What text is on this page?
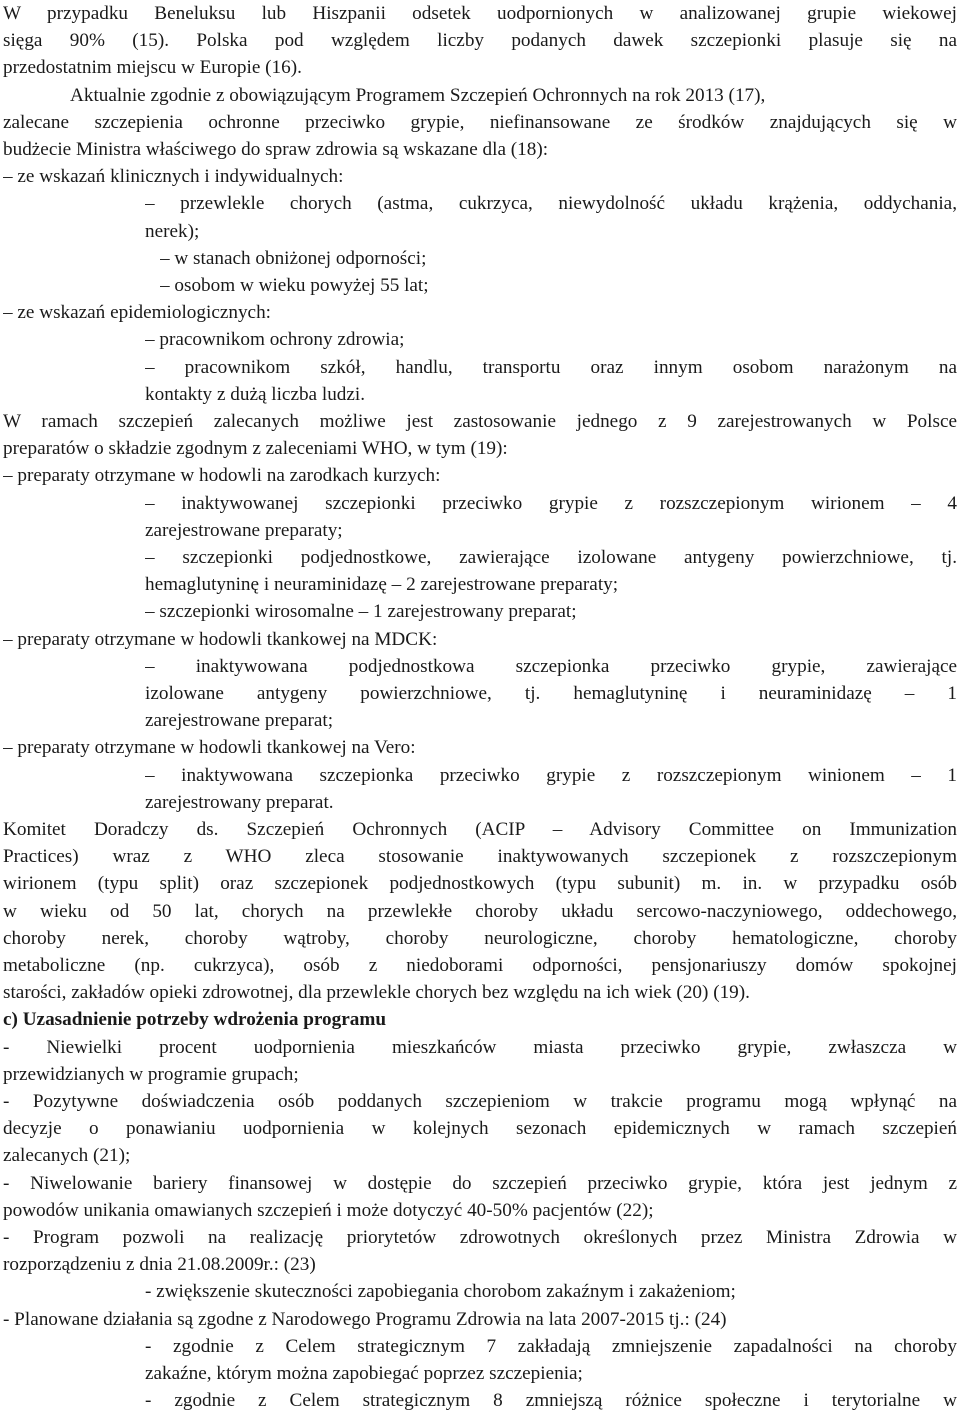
W przypadku Beneluksu lub Hiszpanii odsetek uodpornionych w analizowanej grupie wiekowej
sięga 90% (15). Polska pod względem liczby podanych dawek szczepionki plasuje się na
przedostatnim miejscu w Europie (16).
Aktualnie zgodnie z obowiązującym Programem Szczepień Ochronnych na rok 2013 (17),
zalecane szczepienia ochronne przeciwko grypie, niefinansowane ze środków znajdujących się w
budżecie Ministra właściwego do spraw zdrowia są wskazane dla (18):
– ze wskazań klinicznych i indywidualnych:
– przewlekle chorych (astma, cukrzyca, niewydolność układu krążenia, oddychania,
nerek);
– w stanach obniżonej odporności;
– osobom w wieku powyżej 55 lat;
– ze wskazań epidemiologicznych:
– pracownikom ochrony zdrowia;
– pracownikom szkół, handlu, transportu oraz innym osobom narażonym na
kontakty z dużą liczba ludzi.
W ramach szczepień zalecanych możliwe jest zastosowanie jednego z 9 zarejestrowanych w Polsce
preparatów o składzie zgodnym z zaleceniami WHO, w tym (19):
– preparaty otrzymane w hodowli na zarodkach kurzych:
– inaktywowanej szczepionki przeciwko grypie z rozszczepionym wirionem – 4
zarejestrowane preparaty;
– szczepionki podjednostkowe, zawierające izolowane antygeny powierzchniowe, tj.
hemaglutyninę i neuraminidazę – 2 zarejestrowane preparaty;
– szczepionki wirosomalne – 1 zarejestrowany preparat;
– preparaty otrzymane w hodowli tkankowej na MDCK:
– inaktywowana podjednostkowa szczepionka przeciwko grypie, zawierające
izolowane antygeny powierzchniowe, tj. hemaglutyninę i neuraminidazę – 1
zarejestrowane preparat;
– preparaty otrzymane w hodowli tkankowej na Vero:
– inaktywowana szczepionka przeciwko grypie z rozszczepionym winionem – 1
zarejestrowany preparat.
Komitet Doradczy ds. Szczepień Ochronnych (ACIP – Advisory Committee on Immunization
Practices) wraz z WHO zleca stosowanie inaktywowanych szczepionek z rozszczepionym
wirionem (typu split) oraz szczepionek podjednostkowych (typu subunit) m. in. w przypadku osób
w wieku od 50 lat, chorych na przewlekłe choroby układu sercowo-naczyniowego, oddechowego,
choroby nerek, choroby wątroby, choroby neurologiczne, choroby hematologiczne, choroby
metaboliczne (np. cukrzyca), osób z niedoborami odporności, pensjonariuszy domów spokojnej
starości, zakładów opieki zdrowotnej, dla przewlekle chorych bez względu na ich wiek (20) (19).
c) Uzasadnienie potrzeby wdrożenia programu
- Niewielki procent uodpornienia mieszkańców miasta przeciwko grypie, zwłaszcza w
przewidzianych w programie grupach;
- Pozytywne doświadczenia osób poddanych szczepieniom w trakcie programu mogą wpłynąć na
decyzje o ponawianiu uodpornienia w kolejnych sezonach epidemicznych w ramach szczepień
zalecanych (21);
- Niwelowanie bariery finansowej w dostępie do szczepień przeciwko grypie, która jest jednym z
powodów unikania omawianych szczepień i może dotyczyć 40-50% pacjentów (22);
- Program pozwoli na realizację priorytetów zdrowotnych określonych przez Ministra Zdrowia w
rozporządzeniu z dnia 21.08.2009r.: (23)
- zwiększenie skuteczności zapobiegania chorobom zakaźnym i zakażeniom;
- Planowane działania są zgodne z Narodowego Programu Zdrowia na lata 2007-2015 tj.: (24)
- zgodnie z Celem strategicznym 7 zakładają zmniejszenie zapadalności na choroby
zakaźne, którym można zapobiegać poprzez szczepienia;
- zgodnie z Celem strategicznym 8 zmniejszą różnice społeczne i terytorialne w
